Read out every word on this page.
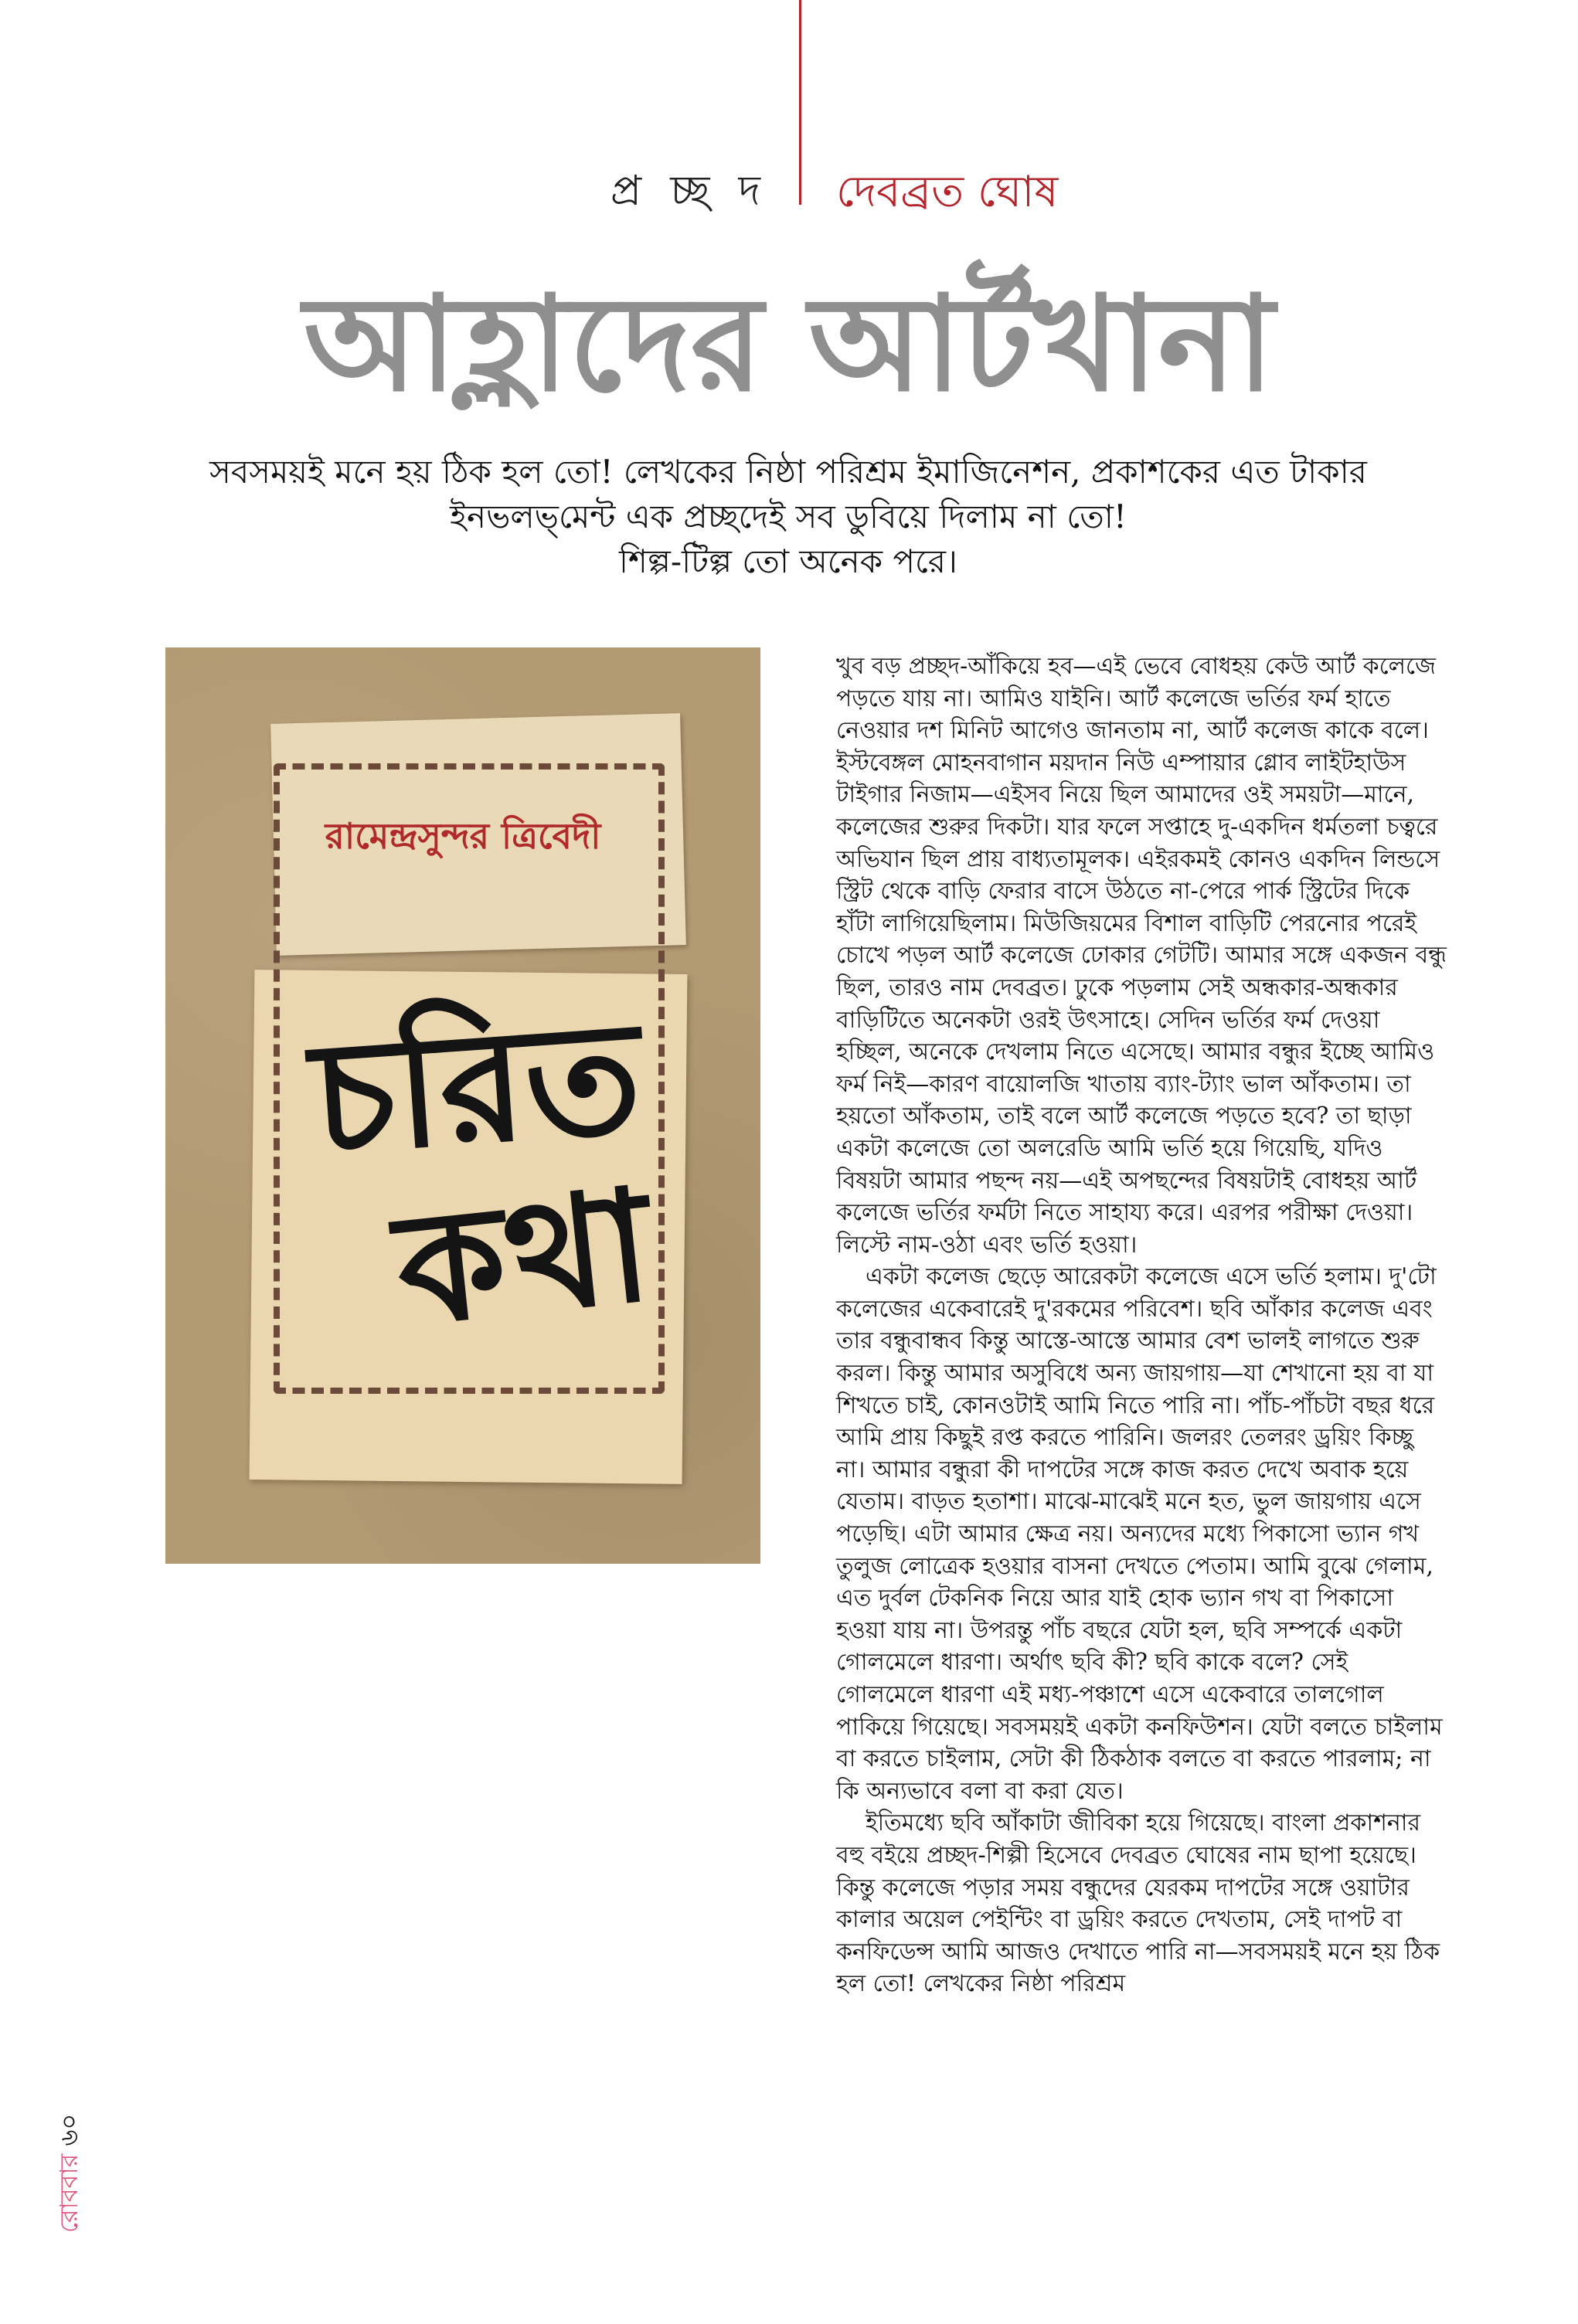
প্র চ্ছ দ দেবব্রত ঘোষ
আহ্লাদের আর্টখানা
সবসময়ই মনে হয় ঠিক হল তো! লেখকের নিষ্ঠা পরিশ্রম ইমাজিনেশন, প্রকাশকের এত টাকার
ইনভলভ্‌মেন্ট এক প্রচ্ছদেই সব ডুবিয়ে দিলাম না তো!
শিল্প-টিল্প তো অনেক পরে।
রামেন্দ্রসুন্দর ত্রিবেদী
চরিত
কথা

খুব বড় প্রচ্ছদ-আঁকিয়ে হব—এই ভেবে বোধহয় কেউ আর্ট কলেজে পড়তে যায় না। আমিও যাইনি। আর্ট কলেজে ভর্তির ফর্ম হাতে নেওয়ার দশ মিনিট আগেও জানতাম না, আর্ট কলেজ কাকে বলে। ইস্টবেঙ্গল মোহনবাগান ময়দান নিউ এম্পায়ার গ্লোব লাইটহাউস টাইগার নিজাম—এইসব নিয়ে ছিল আমাদের ওই সময়টা—মানে, কলেজের শুরুর দিকটা। যার ফলে সপ্তাহে দু-একদিন ধর্মতলা চত্বরে অভিযান ছিল প্রায় বাধ্যতামূলক। এইরকমই কোনও একদিন লিন্ডসে স্ট্রিট থেকে বাড়ি ফেরার বাসে উঠতে না-পেরে পার্ক স্ট্রিটের দিকে হাঁটা লাগিয়েছিলাম। মিউজিয়মের বিশাল বাড়িটি পেরনোর পরেই চোখে পড়ল আর্ট কলেজে ঢোকার গেটটি। আমার সঙ্গে একজন বন্ধু ছিল, তারও নাম দেবব্রত। ঢুকে পড়লাম সেই অন্ধকার-অন্ধকার বাড়িটিতে অনেকটা ওরই উৎসাহে। সেদিন ভর্তির ফর্ম দেওয়া হচ্ছিল, অনেকে দেখলাম নিতে এসেছে। আমার বন্ধুর ইচ্ছে আমিও ফর্ম নিই—কারণ বায়োলজি খাতায় ব্যাং-ট্যাং ভাল আঁকতাম। তা হয়তো আঁকতাম, তাই বলে আর্ট কলেজে পড়তে হবে? তা ছাড়া একটা কলেজে তো অলরেডি আমি ভর্তি হয়ে গিয়েছি, যদিও বিষয়টা আমার পছন্দ নয়—এই অপছন্দের বিষয়টাই বোধহয় আর্ট কলেজে ভর্তির ফর্মটা নিতে সাহায্য করে। এরপর পরীক্ষা দেওয়া। লিস্টে নাম-ওঠা এবং ভর্তি হওয়া।

একটা কলেজ ছেড়ে আরেকটা কলেজে এসে ভর্তি হলাম। দু'টো কলেজের একেবারেই দু'রকমের পরিবেশ। ছবি আঁকার কলেজ এবং তার বন্ধুবান্ধব কিন্তু আস্তে-আস্তে আমার বেশ ভালই লাগতে শুরু করল। কিন্তু আমার অসুবিধে অন্য জায়গায়—যা শেখানো হয় বা যা শিখতে চাই, কোনওটাই আমি নিতে পারি না। পাঁচ-পাঁচটা বছর ধরে আমি প্রায় কিছুই রপ্ত করতে পারিনি। জলরং তেলরং ড্রয়িং কিচ্ছু না। আমার বন্ধুরা কী দাপটের সঙ্গে কাজ করত দেখে অবাক হয়ে যেতাম। বাড়ত হতাশা। মাঝে-মাঝেই মনে হত, ভুল জায়গায় এসে পড়েছি। এটা আমার ক্ষেত্র নয়। অন্যদের মধ্যে পিকাসো ভ্যান গখ তুলুজ লোত্রেক হওয়ার বাসনা দেখতে পেতাম। আমি বুঝে গেলাম, এত দুর্বল টেকনিক নিয়ে আর যাই হোক ভ্যান গখ বা পিকাসো হওয়া যায় না। উপরন্তু পাঁচ বছরে যেটা হল, ছবি সম্পর্কে একটা গোলমেলে ধারণা। অর্থাৎ ছবি কী? ছবি কাকে বলে? সেই গোলমেলে ধারণা এই মধ্য-পঞ্চাশে এসে একেবারে তালগোল পাকিয়ে গিয়েছে। সবসময়ই একটা কনফিউশন। যেটা বলতে চাইলাম বা করতে চাইলাম, সেটা কী ঠিকঠাক বলতে বা করতে পারলাম; না কি অন্যভাবে বলা বা করা যেত।

ইতিমধ্যে ছবি আঁকাটা জীবিকা হয়ে গিয়েছে। বাংলা প্রকাশনার বহু বইয়ে প্রচ্ছদ-শিল্পী হিসেবে দেবব্রত ঘোষের নাম ছাপা হয়েছে। কিন্তু কলেজে পড়ার সময় বন্ধুদের যেরকম দাপটের সঙ্গে ওয়াটার কালার অয়েল পেইন্টিং বা ড্রয়িং করতে দেখতাম, সেই দাপট বা কনফিডেন্স আমি আজও দেখাতে পারি না—সবসময়ই মনে হয় ঠিক হল তো! লেখকের নিষ্ঠা পরিশ্রম

রোববার ৬০
